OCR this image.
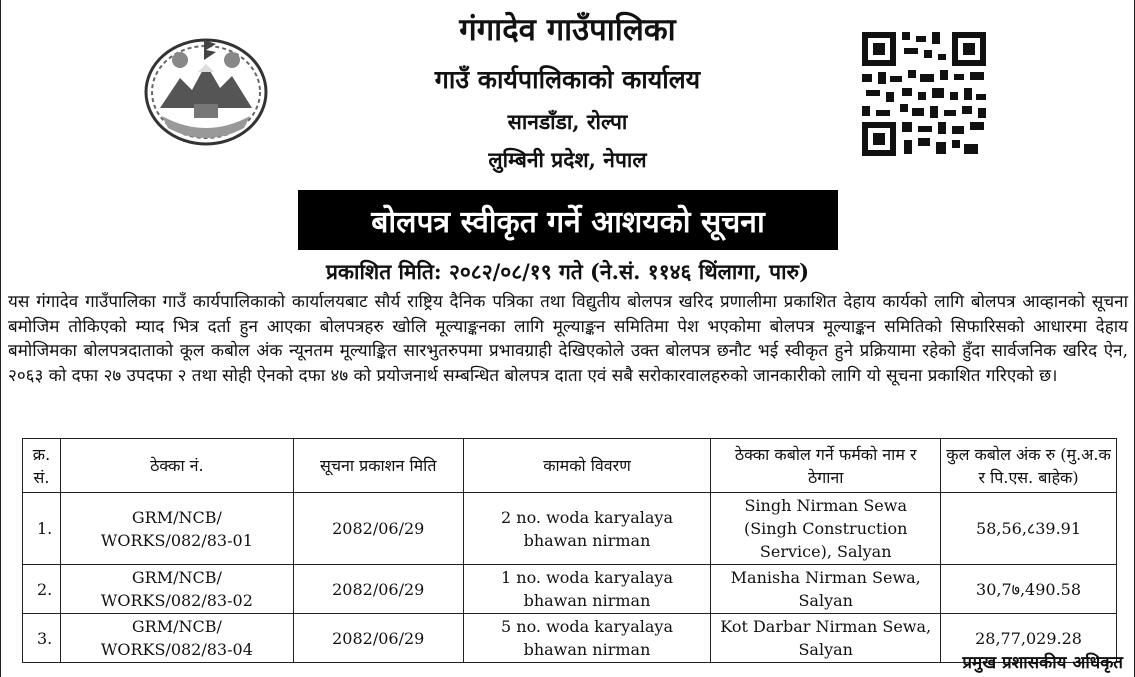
गंगादेव गाउँपालिका
गाउँ कार्यपालिकाको कार्यालय
सानडाँडा, रोल्पा
लुम्बिनी प्रदेश, नेपाल
बोलपत्र स्वीकृत गर्ने आशयको सूचना
प्रकाशित मिति: २०८२/०८/१९ गते (ने.सं. ११४६ थिंलागा, पारु)

यस गंगादेव गाउँपालिका गाउँ कार्यपालिकाको कार्यालयबाट सौर्य राष्ट्रिय दैनिक पत्रिका तथा विद्युतीय बोलपत्र खरिद प्रणालीमा प्रकाशित देहाय कार्यको लागि बोलपत्र आव्हानको सूचना बमोजिम तोकिएको म्याद भित्र दर्ता हुन आएका बोलपत्रहरु खोलि मूल्याङ्कनका लागि मूल्याङ्कन समितिमा पेश भएकोमा बोलपत्र मूल्याङ्कन समितिको सिफारिसको आधारमा देहाय बमोजिमका बोलपत्रदाताको कूल कबोल अंक न्यूनतम मूल्याङ्कित सारभुतरुपमा प्रभावग्राही देखिएकोले उक्त बोलपत्र छनौट भई स्वीकृत हुने प्रक्रियामा रहेको हुँदा सार्वजनिक खरिद ऐन, २०६३ को दफा २७ उपदफा २ तथा सोही ऐनको दफा ४७ को प्रयोजनार्थ सम्बन्धित बोलपत्र दाता एवं सबै सरोकारवालहरुको जानकारीको लागि यो सूचना प्रकाशित गरिएको छ।

क्र. सं.	ठेक्का नं.	सूचना प्रकाशन मिति	कामको विवरण	ठेक्का कबोल गर्ने फर्मको नाम र ठेगाना	कुल कबोल अंक रु (मु.अ.क र पि.एस. बाहेक)
1.	GRM/NCB/ WORKS/082/83-01	2082/06/29	2 no. woda karyalaya bhawan nirman	Singh Nirman Sewa (Singh Construction Service), Salyan	58,56,८39.91
2.	GRM/NCB/ WORKS/082/83-02	2082/06/29	1 no. woda karyalaya bhawan nirman	Manisha Nirman Sewa, Salyan	30,7७,490.58
3.	GRM/NCB/ WORKS/082/83-04	2082/06/29	5 no. woda karyalaya bhawan nirman	Kot Darbar Nirman Sewa, Salyan	28,77,029.28
प्रमुख प्रशासकीय अधिकृत
